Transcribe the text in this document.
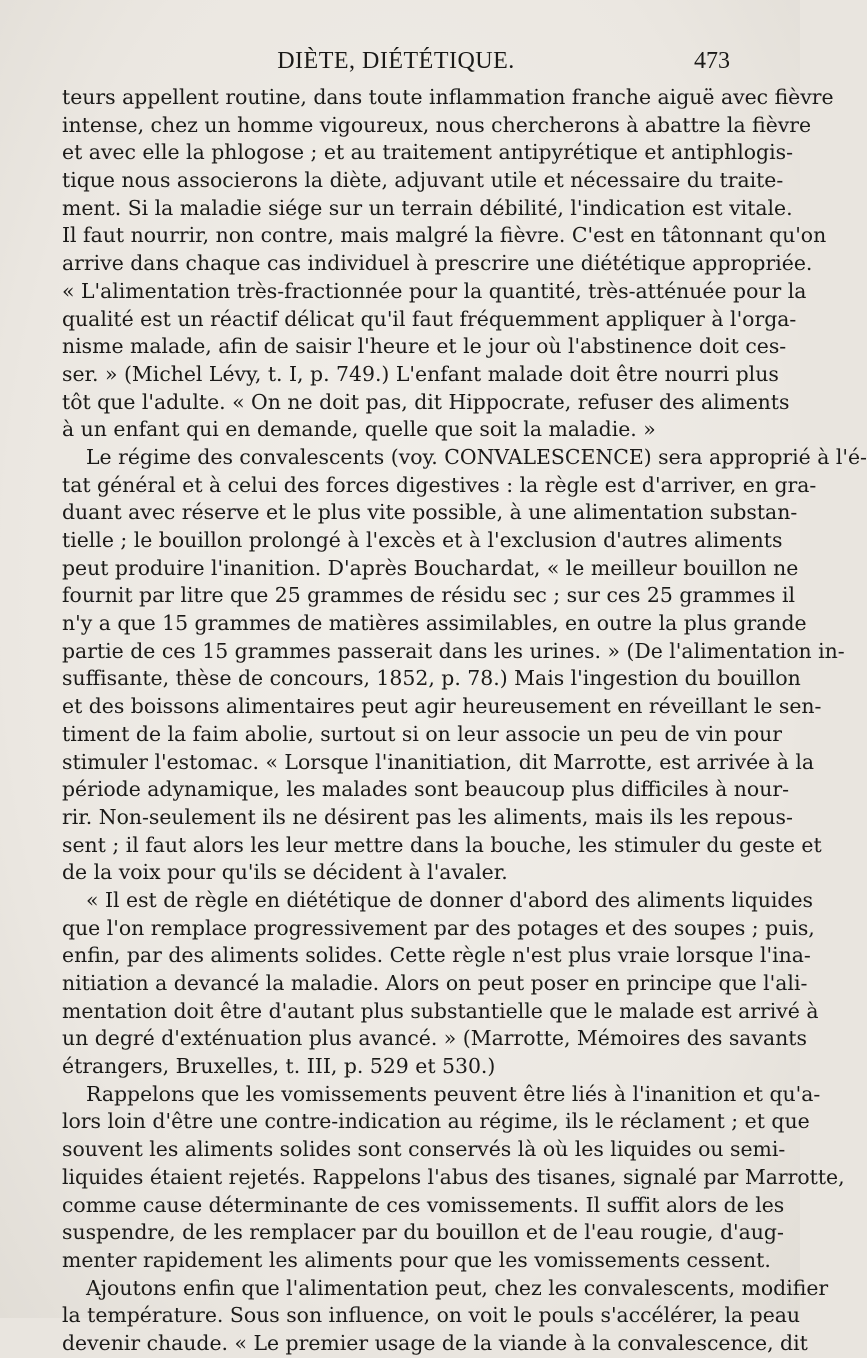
DIÈTE, DIÉTÉTIQUE.	473
teurs appellent routine, dans toute inflammation franche aiguë avec fièvre
intense, chez un homme vigoureux, nous chercherons à abattre la fièvre
et avec elle la phlogose ; et au traitement antipyrétique et antiphlogis-
tique nous associerons la diète, adjuvant utile et nécessaire du traite-
ment. Si la maladie siége sur un terrain débilité, l'indication est vitale.
Il faut nourrir, non contre, mais malgré la fièvre. C'est en tâtonnant qu'on
arrive dans chaque cas individuel à prescrire une diététique appropriée.
« L'alimentation très-fractionnée pour la quantité, très-atténuée pour la
qualité est un réactif délicat qu'il faut fréquemment appliquer à l'orga-
nisme malade, afin de saisir l'heure et le jour où l'abstinence doit ces-
ser. » (Michel Lévy, t. I, p. 749.) L'enfant malade doit être nourri plus
tôt que l'adulte. « On ne doit pas, dit Hippocrate, refuser des aliments
à un enfant qui en demande, quelle que soit la maladie. »
Le régime des convalescents (voy. CONVALESCENCE) sera approprié à l'é-
tat général et à celui des forces digestives : la règle est d'arriver, en gra-
duant avec réserve et le plus vite possible, à une alimentation substan-
tielle ; le bouillon prolongé à l'excès et à l'exclusion d'autres aliments
peut produire l'inanition. D'après Bouchardat, « le meilleur bouillon ne
fournit par litre que 25 grammes de résidu sec ; sur ces 25 grammes il
n'y a que 15 grammes de matières assimilables, en outre la plus grande
partie de ces 15 grammes passerait dans les urines. » (De l'alimentation in-
suffisante, thèse de concours, 1852, p. 78.) Mais l'ingestion du bouillon
et des boissons alimentaires peut agir heureusement en réveillant le sen-
timent de la faim abolie, surtout si on leur associe un peu de vin pour
stimuler l'estomac. « Lorsque l'inanitiation, dit Marrotte, est arrivée à la
période adynamique, les malades sont beaucoup plus difficiles à nour-
rir. Non-seulement ils ne désirent pas les aliments, mais ils les repous-
sent ; il faut alors les leur mettre dans la bouche, les stimuler du geste et
de la voix pour qu'ils se décident à l'avaler.
« Il est de règle en diététique de donner d'abord des aliments liquides
que l'on remplace progressivement par des potages et des soupes ; puis,
enfin, par des aliments solides. Cette règle n'est plus vraie lorsque l'ina-
nitiation a devancé la maladie. Alors on peut poser en principe que l'ali-
mentation doit être d'autant plus substantielle que le malade est arrivé à
un degré d'exténuation plus avancé. » (Marrotte, Mémoires des savants
étrangers, Bruxelles, t. III, p. 529 et 530.)
Rappelons que les vomissements peuvent être liés à l'inanition et qu'a-
lors loin d'être une contre-indication au régime, ils le réclament ; et que
souvent les aliments solides sont conservés là où les liquides ou semi-
liquides étaient rejetés. Rappelons l'abus des tisanes, signalé par Marrotte,
comme cause déterminante de ces vomissements. Il suffit alors de les
suspendre, de les remplacer par du bouillon et de l'eau rougie, d'aug-
menter rapidement les aliments pour que les vomissements cessent.
Ajoutons enfin que l'alimentation peut, chez les convalescents, modifier
la température. Sous son influence, on voit le pouls s'accélérer, la peau
devenir chaude. « Le premier usage de la viande à la convalescence, dit
